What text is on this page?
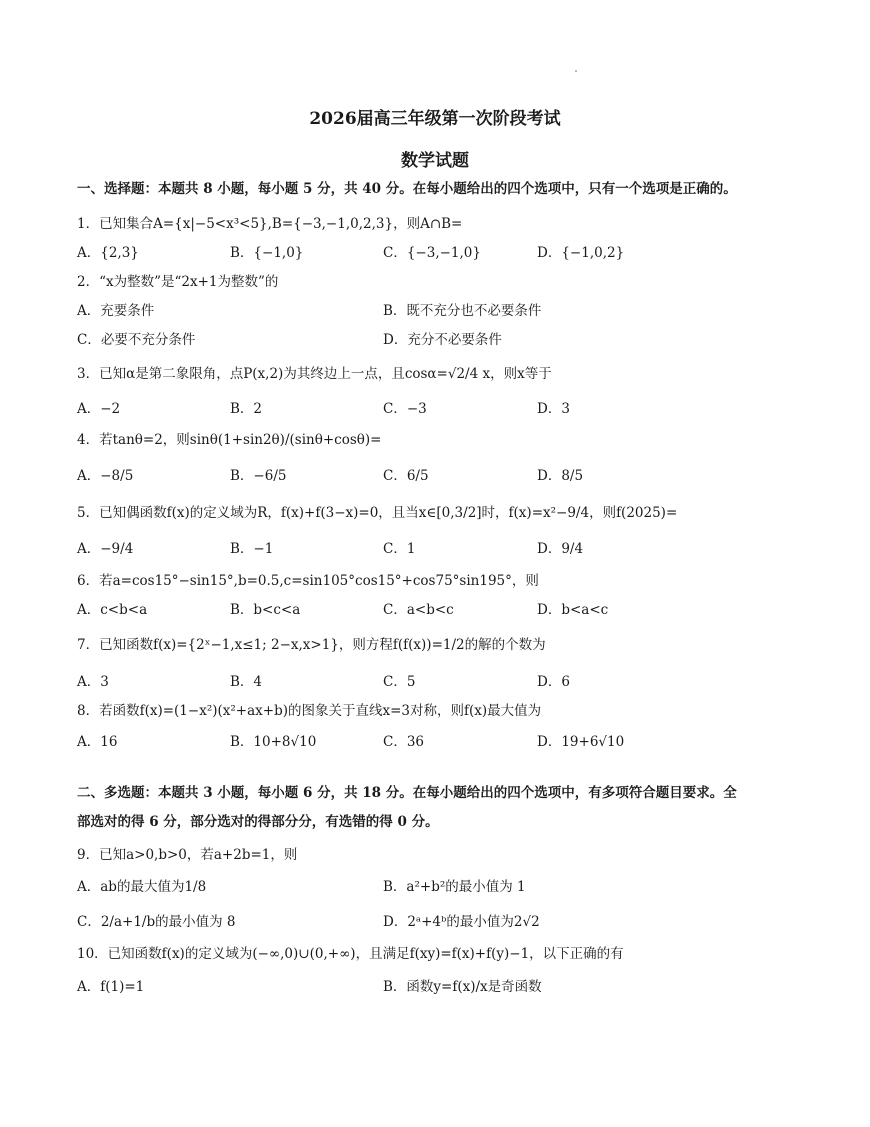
2026届高三年级第一次阶段考试
数学试题
一、选择题：本题共 8 小题，每小题 5 分，共 40 分。在每小题给出的四个选项中，只有一个选项是正确的。
1．已知集合A={x|−5<x³<5},B={−3,−1,0,2,3}，则A∩B=
A．{2,3}	B．{−1,0}	C．{−3,−1,0}	D．{−1,0,2}
2．“x为整数”是“2x+1为整数”的
A．充要条件	B．既不充分也不必要条件
C．必要不充分条件	D．充分不必要条件
3．已知α是第二象限角，点P(x,2)为其终边上一点，且cosα=√2/4 x，则x等于
A．−2	B．2	C．−3	D．3
4．若tanθ=2，则sinθ(1+sin2θ)/(sinθ+cosθ)=
A．−8/5	B．−6/5	C．6/5	D．8/5
5．已知偶函数f(x)的定义域为R，f(x)+f(3−x)=0，且当x∈[0,3/2]时，f(x)=x²−9/4，则f(2025)=
A．−9/4	B．−1	C．1	D．9/4
6．若a=cos15°−sin15°,b=0.5,c=sin105°cos15°+cos75°sin195°，则
A．c<b<a	B．b<c<a	C．a<b<c	D．b<a<c
7．已知函数f(x)={2ˣ−1,x≤1; 2−x,x>1}，则方程f(f(x))=1/2的解的个数为
A．3	B．4	C．5	D．6
8．若函数f(x)=(1−x²)(x²+ax+b)的图象关于直线x=3对称，则f(x)最大值为
A．16	B．10+8√10	C．36	D．19+6√10
二、多选题：本题共 3 小题，每小题 6 分，共 18 分。在每小题给出的四个选项中，有多项符合题目要求。全
部选对的得 6 分，部分选对的得部分分，有选错的得 0 分。
9．已知a>0,b>0，若a+2b=1，则
A．ab的最大值为1/8	B．a²+b²的最小值为 1
C．2/a+1/b的最小值为 8	D．2ᵃ+4ᵇ的最小值为2√2
10．已知函数f(x)的定义域为(−∞,0)∪(0,+∞)，且满足f(xy)=f(x)+f(y)−1，以下正确的有
A．f(1)=1	B．函数y=f(x)/x是奇函数
